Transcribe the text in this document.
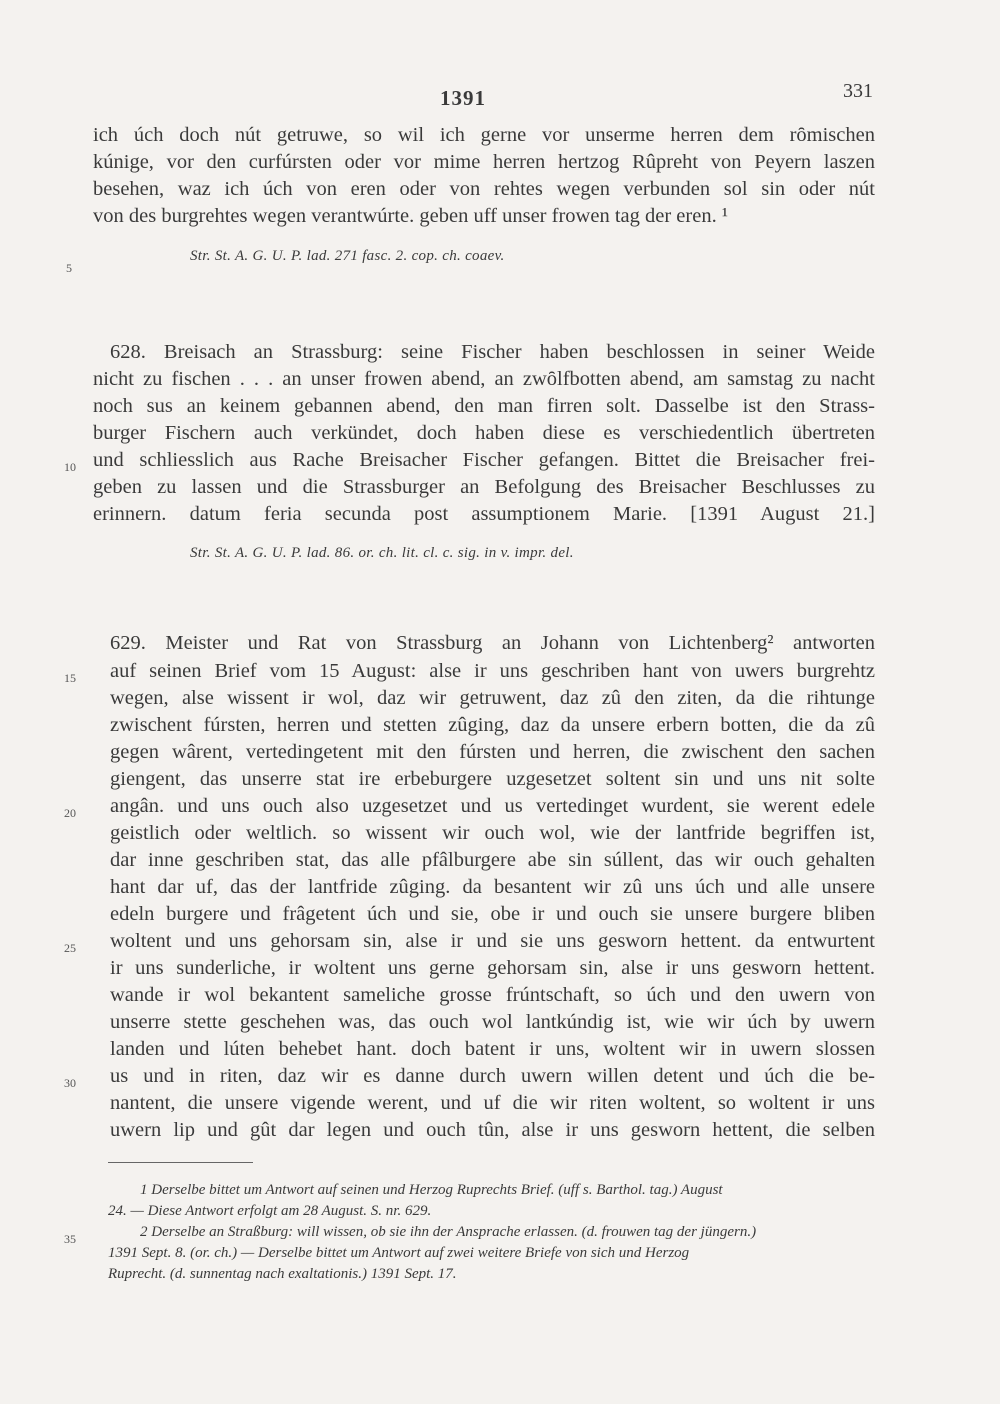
1391	331
ich úch doch nút getruwe, so wil ich gerne vor unserme herren dem rȏmischen
kúnige, vor den curfúrsten oder vor mime herren hertzog Rûpreht von Peyern laszen
besehen, waz ich úch von eren oder von rehtes wegen verbunden sol sin oder nút
von des burgrehtes wegen verantwúrte. geben uff unser frowen tag der eren. ¹
Str. St. A. G. U. P. lad. 271 fasc. 2. cop. ch. coaev.
628. Breisach an Strassburg: seine Fischer haben beschlossen in seiner Weide
nicht zu fischen . . . an unser frowen abend, an zwȏlfbotten abend, am samstag zu nacht
noch sus an keinem gebannen abend, den man firren solt. Dasselbe ist den Strass-
burger Fischern auch verkündet, doch haben diese es verschiedentlich übertreten
und schliesslich aus Rache Breisacher Fischer gefangen. Bittet die Breisacher frei-
geben zu lassen und die Strassburger an Befolgung des Breisacher Beschlusses zu
erinnern. datum feria secunda post assumptionem Marie. [1391 August 21.]
Str. St. A. G. U. P. lad. 86. or. ch. lit. cl. c. sig. in v. impr. del.
629. Meister und Rat von Strassburg an Johann von Lichtenberg² antworten
auf seinen Brief vom 15 August: alse ir uns geschriben hant von uwers burgrehtz
wegen, alse wissent ir wol, daz wir getruwent, daz zû den ziten, da die rihtunge
zwischent fúrsten, herren und stetten zûging, daz da unsere erbern botten, die da zû
gegen wârent, vertedingetent mit den fúrsten und herren, die zwischent den sachen
giengent, das unserre stat ire erbeburgere uzgesetzet soltent sin und uns nit solte
angân. und uns ouch also uzgesetzet und us vertedinget wurdent, sie werent edele
geistlich oder weltlich. so wissent wir ouch wol, wie der lantfride begriffen ist,
dar inne geschriben stat, das alle pfâlburgere abe sin súllent, das wir ouch gehalten
hant dar uf, das der lantfride zûging. da besantent wir zû uns úch und alle unsere
edeln burgere und frâgetent úch und sie, obe ir und ouch sie unsere burgere bliben
woltent und uns gehorsam sin, alse ir und sie uns gesworn hettent. da entwurtent
ir uns sunderliche, ir woltent uns gerne gehorsam sin, alse ir uns gesworn hettent.
wande ir wol bekantent sameliche grosse frúntschaft, so úch und den uwern von
unserre stette geschehen was, das ouch wol lantkúndig ist, wie wir úch by uwern
landen und lúten behebet hant. doch batent ir uns, woltent wir in uwern slossen
us und in riten, daz wir es danne durch uwern willen detent und úch die be-
nantent, die unsere vigende werent, und uf die wir riten woltent, so woltent ir uns
uwern lip und gût dar legen und ouch tûn, alse ir uns gesworn hettent, die selben
5
10
15
20
25
30
35
1 Derselbe bittet um Antwort auf seinen und Herzog Ruprechts Brief. (uff s. Barthol. tag.) August
24. — Diese Antwort erfolgt am 28 August. S. nr. 629.
2 Derselbe an Straßburg: will wissen, ob sie ihn der Ansprache erlassen. (d. frouwen tag der jüngern.)
1391 Sept. 8. (or. ch.) — Derselbe bittet um Antwort auf zwei weitere Briefe von sich und Herzog
Ruprecht. (d. sunnentag nach exaltationis.) 1391 Sept. 17.
